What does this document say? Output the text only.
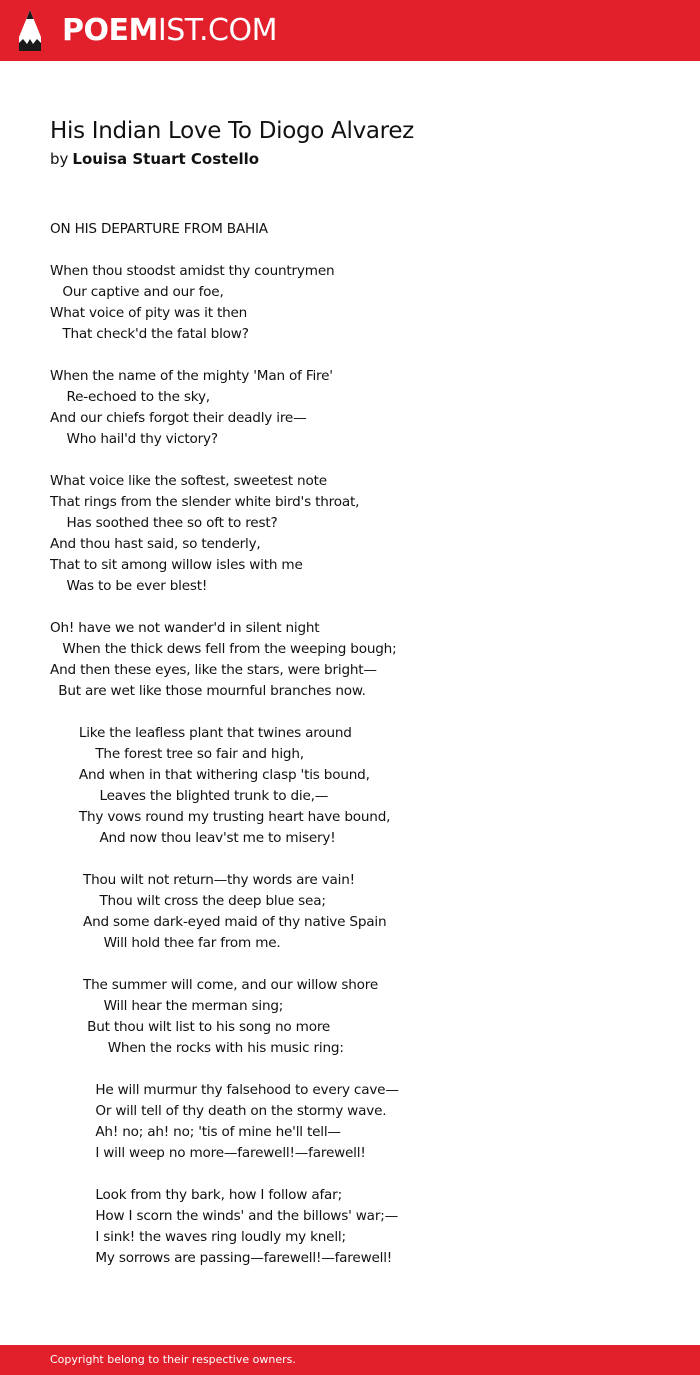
POEMIST.COM
His Indian Love To Diogo Alvarez
by Louisa Stuart Costello
ON HIS DEPARTURE FROM BAHIA
When thou stoodst amidst thy countrymen
Our captive and our foe,
What voice of pity was it then
That check'd the fatal blow?
When the name of the mighty 'Man of Fire'
Re-echoed to the sky,
And our chiefs forgot their deadly ire—
Who hail'd thy victory?
What voice like the softest, sweetest note
That rings from the slender white bird's throat,
Has soothed thee so oft to rest?
And thou hast said, so tenderly,
That to sit among willow isles with me
Was to be ever blest!
Oh! have we not wander'd in silent night
When the thick dews fell from the weeping bough;
And then these eyes, like the stars, were bright—
But are wet like those mournful branches now.
Like the leafless plant that twines around
The forest tree so fair and high,
And when in that withering clasp 'tis bound,
Leaves the blighted trunk to die,—
Thy vows round my trusting heart have bound,
And now thou leav'st me to misery!
Thou wilt not return—thy words are vain!
Thou wilt cross the deep blue sea;
And some dark-eyed maid of thy native Spain
Will hold thee far from me.
The summer will come, and our willow shore
Will hear the merman sing;
But thou wilt list to his song no more
When the rocks with his music ring:
He will murmur thy falsehood to every cave—
Or will tell of thy death on the stormy wave.
Ah! no; ah! no; 'tis of mine he'll tell—
I will weep no more—farewell!—farewell!
Look from thy bark, how I follow afar;
How I scorn the winds' and the billows' war;—
I sink! the waves ring loudly my knell;
My sorrows are passing—farewell!—farewell!
Copyright belong to their respective owners.
